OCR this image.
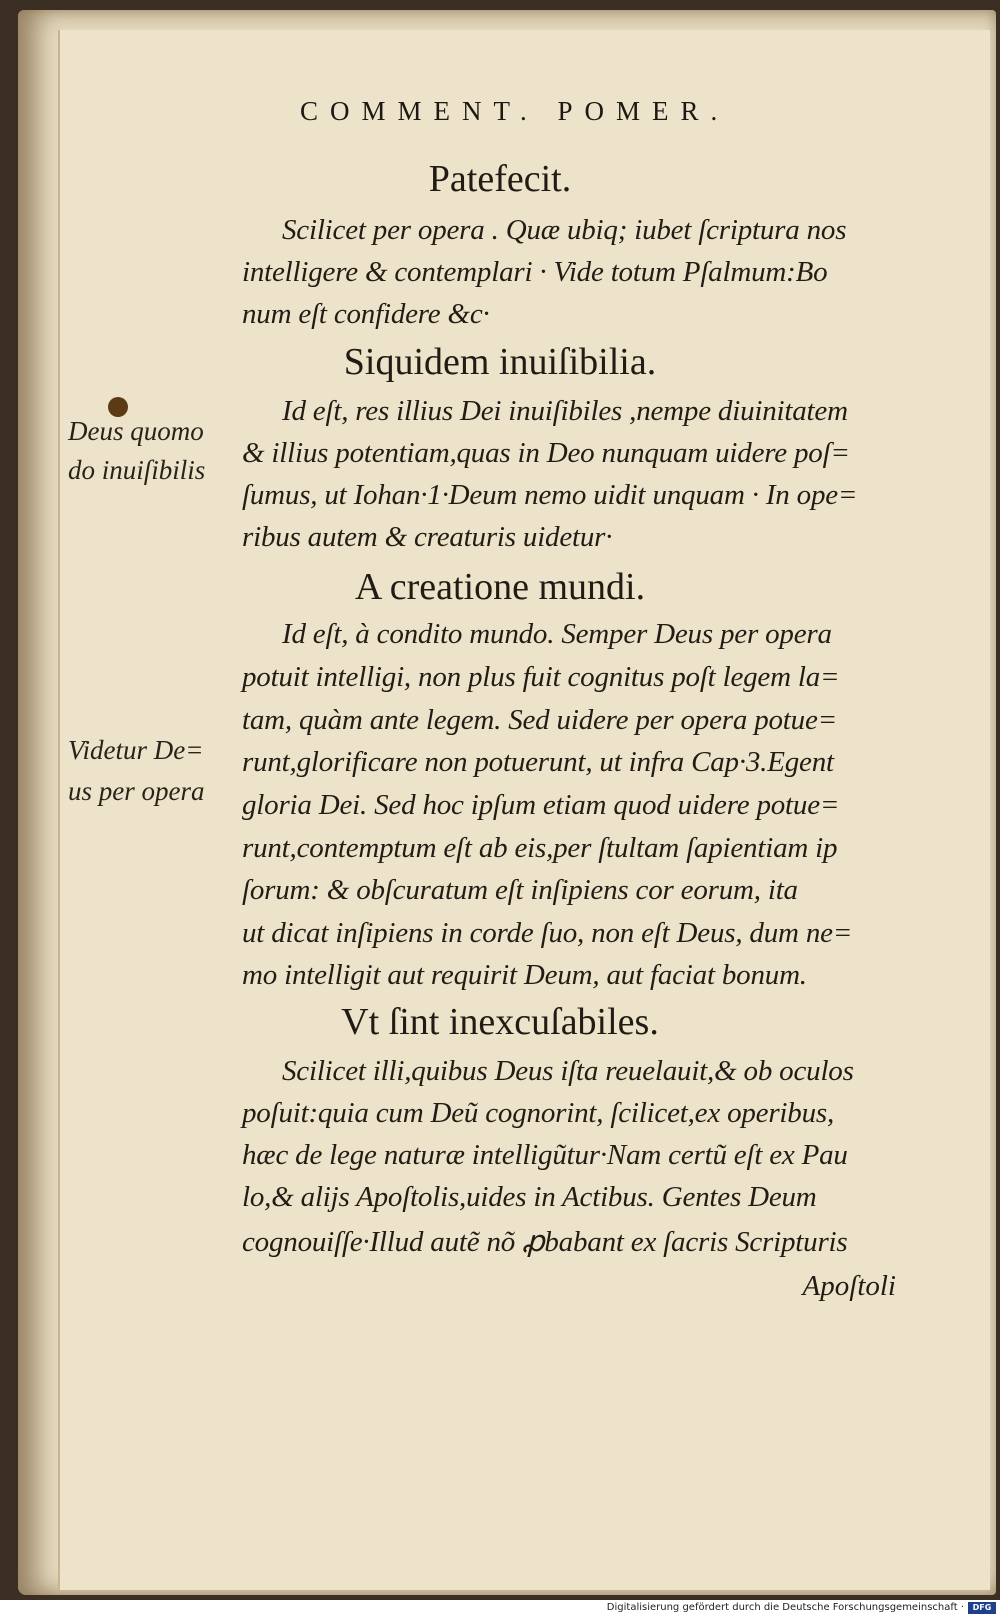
COMMENT. POMER.
Patefecit.
Scilicet per opera . Quæ ubiq; iubet ſcriptura nos
intelligere & contemplari · Vide totum Pſalmum:Bo
num eſt confidere &c·
Siquidem inuiſibilia.
Id eſt, res illius Dei inuiſibiles ,nempe diuinitatem
& illius potentiam,quas in Deo nunquam uidere poſ=
ſumus, ut Iohan·1·Deum nemo uidit unquam · In ope=
ribus autem & creaturis uidetur·
A creatione mundi.
Id eſt, à condito mundo. Semper Deus per opera
potuit intelligi, non plus fuit cognitus poſt legem la=
tam, quàm ante legem. Sed uidere per opera potue=
runt,glorificare non potuerunt, ut infra Cap·3.Egent
gloria Dei. Sed hoc ipſum etiam quod uidere potue=
runt,contemptum eſt ab eis,per ſtultam ſapientiam ip
ſorum: & obſcuratum eſt inſipiens cor eorum, ita
ut dicat inſipiens in corde ſuo, non eſt Deus, dum ne=
mo intelligit aut requirit Deum, aut faciat bonum.
Vt ſint inexcuſabiles.
Scilicet illi,quibus Deus iſta reuelauit,& ob oculos
poſuit:quia cum Deũ cognorint, ſcilicet,ex operibus,
hæc de lege naturæ intelligũtur·Nam certũ eſt ex Pau
lo,& alijs Apoſtolis,uides in Actibus. Gentes Deum
cognouiſſe·Illud autẽ nõ ꝓbabant ex ſacris Scripturis
Apoſtoli
Deus quomo
do inuiſibilis
Videtur De=
us per opera
Digitalisierung gefördert durch die Deutsche Forschungsgemeinschaft ·	DFG
